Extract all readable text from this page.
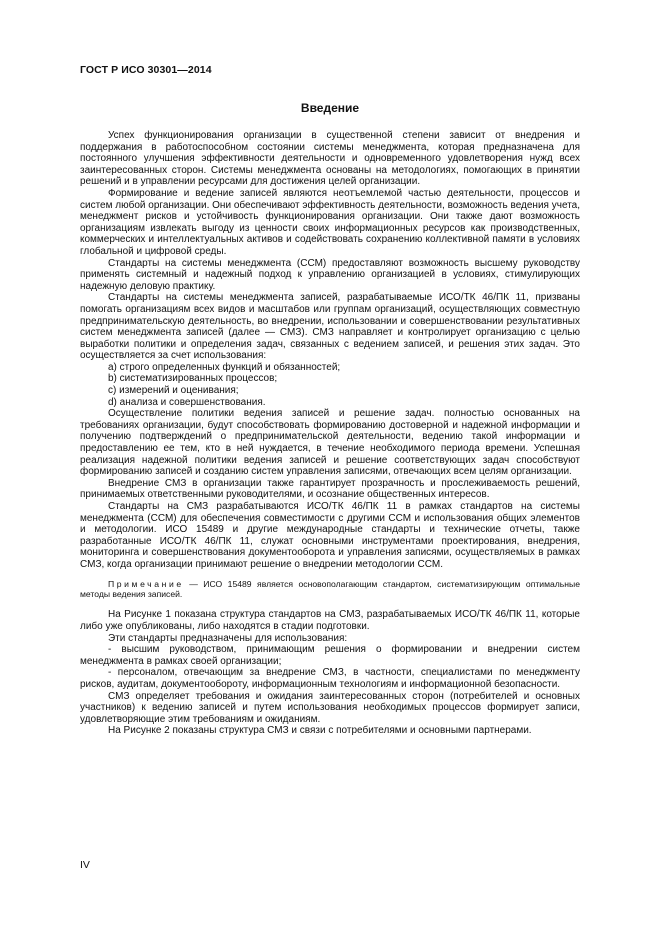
ГОСТ Р ИСО 30301—2014
Введение

Успех функционирования организации в существенной степени зависит от внедрения и поддержания в работоспособном состоянии системы менеджмента, которая предназначена для постоянного улучшения эффективности деятельности и одновременного удовлетворения нужд всех заинтересованных сторон. Системы менеджмента основаны на методологиях, помогающих в принятии решений и в управлении ресурсами для достижения целей организации.

Формирование и ведение записей являются неотъемлемой частью деятельности, процессов и систем любой организации. Они обеспечивают эффективность деятельности, возможность ведения учета, менеджмент рисков и устойчивость функционирования организации. Они также дают возможность организациям извлекать выгоду из ценности своих информационных ресурсов как производственных, коммерческих и интеллектуальных активов и содействовать сохранению коллективной памяти в условиях глобальной и цифровой среды.

Стандарты на системы менеджмента (ССМ) предоставляют возможность высшему руководству применять системный и надежный подход к управлению организацией в условиях, стимулирующих надежную деловую практику.

Стандарты на системы менеджмента записей, разрабатываемые ИСО/ТК 46/ПК 11, призваны помогать организациям всех видов и масштабов или группам организаций, осуществляющих совместную предпринимательскую деятельность, во внедрении, использовании и совершенствовании результативных систем менеджмента записей (далее — СМЗ). СМЗ направляет и контролирует организацию с целью выработки политики и определения задач, связанных с ведением записей, и решения этих задач. Это осуществляется за счет использования:

a) строго определенных функций и обязанностей;

b) систематизированных процессов;

c) измерений и оценивания;

d) анализа и совершенствования.

Осуществление политики ведения записей и решение задач. полностью основанных на требованиях организации, будут способствовать формированию достоверной и надежной информации и получению подтверждений о предпринимательской деятельности, ведению такой информации и предоставлению ее тем, кто в ней нуждается, в течение необходимого периода времени. Успешная реализация надежной политики ведения записей и решение соответствующих задач способствуют формированию записей и созданию систем управления записями, отвечающих всем целям организации.

Внедрение СМЗ в организации также гарантирует прозрачность и прослеживаемость решений, принимаемых ответственными руководителями, и осознание общественных интересов.

Стандарты на СМЗ разрабатываются ИСО/ТК 46/ПК 11 в рамках стандартов на системы менеджмента (ССМ) для обеспечения совместимости с другими ССМ и использования общих элементов и методологии. ИСО 15489 и другие международные стандарты и технические отчеты, также разработанные ИСО/ТК 46/ПК 11, служат основными инструментами проектирования, внедрения, мониторинга и совершенствования документооборота и управления записями, осуществляемых в рамках СМЗ, когда организации принимают решение о внедрении методологии ССМ.

Примечание — ИСО 15489 является основополагающим стандартом, систематизирующим оптимальные методы ведения записей.

На Рисунке 1 показана структура стандартов на СМЗ, разрабатываемых ИСО/ТК 46/ПК 11, которые либо уже опубликованы, либо находятся в стадии подготовки.

Эти стандарты предназначены для использования:

- высшим руководством, принимающим решения о формировании и внедрении систем менеджмента в рамках своей организации;

- персоналом, отвечающим за внедрение СМЗ, в частности, специалистами по менеджменту рисков, аудитам, документообороту, информационным технологиям и информационной безопасности.

СМЗ определяет требования и ожидания заинтересованных сторон (потребителей и основных участников) к ведению записей и путем использования необходимых процессов формирует записи, удовлетворяющие этим требованиям и ожиданиям.

На Рисунке 2 показаны структура СМЗ и связи с потребителями и основными партнерами.

IV
